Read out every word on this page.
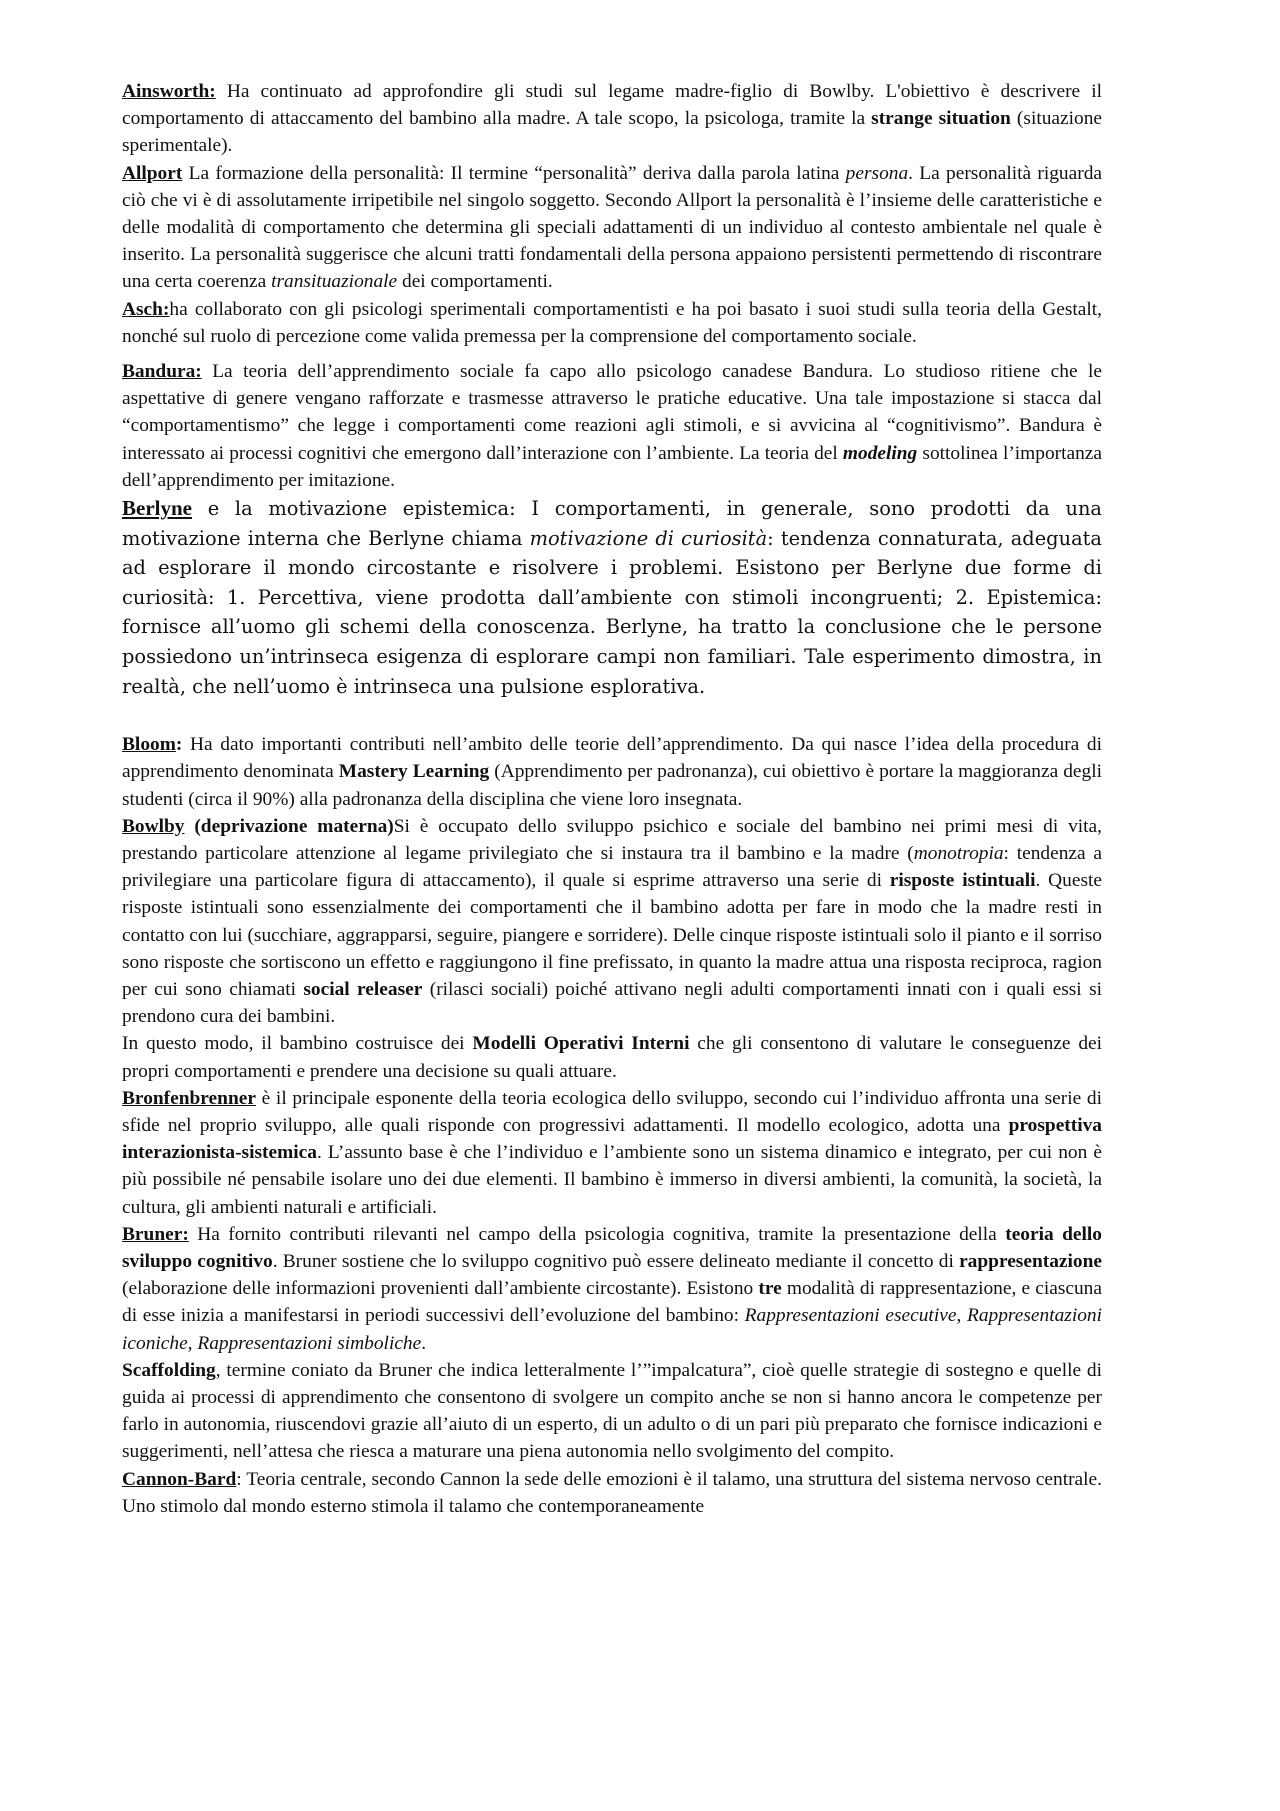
Ainsworth: Ha continuato ad approfondire gli studi sul legame madre-figlio di Bowlby. L'obiettivo è descrivere il comportamento di attaccamento del bambino alla madre. A tale scopo, la psicologa, tramite la strange situation (situazione sperimentale).

Allport La formazione della personalità: Il termine “personalità” deriva dalla parola latina persona. La personalità riguarda ciò che vi è di assolutamente irripetibile nel singolo soggetto. Secondo Allport la personalità è l’insieme delle caratteristiche e delle modalità di comportamento che determina gli speciali adattamenti di un individuo al contesto ambientale nel quale è inserito. La personalità suggerisce che alcuni tratti fondamentali della persona appaiono persistenti permettendo di riscontrare una certa coerenza transituazionale dei comportamenti.

Asch:ha collaborato con gli psicologi sperimentali comportamentisti e ha poi basato i suoi studi sulla teoria della Gestalt, nonché sul ruolo di percezione come valida premessa per la comprensione del comportamento sociale.

Bandura: La teoria dell’apprendimento sociale fa capo allo psicologo canadese Bandura. Lo studioso ritiene che le aspettative di genere vengano rafforzate e trasmesse attraverso le pratiche educative. Una tale impostazione si stacca dal “comportamentismo” che legge i comportamenti come reazioni agli stimoli, e si avvicina al “cognitivismo”. Bandura è interessato ai processi cognitivi che emergono dall’interazione con l’ambiente. La teoria del modeling sottolinea l’importanza dell’apprendimento per imitazione.

Berlyne e la motivazione epistemica: I comportamenti, in generale, sono prodotti da una motivazione interna che Berlyne chiama motivazione di curiosità: tendenza connaturata, adeguata ad esplorare il mondo circostante e risolvere i problemi. Esistono per Berlyne due forme di curiosità: 1. Percettiva, viene prodotta dall’ambiente con stimoli incongruenti; 2. Epistemica: fornisce all’uomo gli schemi della conoscenza. Berlyne, ha tratto la conclusione che le persone possiedono un’intrinseca esigenza di esplorare campi non familiari. Tale esperimento dimostra, in realtà, che nell’uomo è intrinseca una pulsione esplorativa.

Bloom: Ha dato importanti contributi nell’ambito delle teorie dell’apprendimento. Da qui nasce l’idea della procedura di apprendimento denominata Mastery Learning (Apprendimento per padronanza), cui obiettivo è portare la maggioranza degli studenti (circa il 90%) alla padronanza della disciplina che viene loro insegnata.

Bowlby (deprivazione materna)Si è occupato dello sviluppo psichico e sociale del bambino nei primi mesi di vita, prestando particolare attenzione al legame privilegiato che si instaura tra il bambino e la madre (monotropia: tendenza a privilegiare una particolare figura di attaccamento), il quale si esprime attraverso una serie di risposte istintuali. Queste risposte istintuali sono essenzialmente dei comportamenti che il bambino adotta per fare in modo che la madre resti in contatto con lui (succhiare, aggrapparsi, seguire, piangere e sorridere). Delle cinque risposte istintuali solo il pianto e il sorriso sono risposte che sortiscono un effetto e raggiungono il fine prefissato, in quanto la madre attua una risposta reciproca, ragion per cui sono chiamati social releaser (rilasci sociali) poiché attivano negli adulti comportamenti innati con i quali essi si prendono cura dei bambini.

In questo modo, il bambino costruisce dei Modelli Operativi Interni che gli consentono di valutare le conseguenze dei propri comportamenti e prendere una decisione su quali attuare.

Bronfenbrenner è il principale esponente della teoria ecologica dello sviluppo, secondo cui l’individuo affronta una serie di sfide nel proprio sviluppo, alle quali risponde con progressivi adattamenti. Il modello ecologico, adotta una prospettiva interazionista-sistemica. L’assunto base è che l’individuo e l’ambiente sono un sistema dinamico e integrato, per cui non è più possibile né pensabile isolare uno dei due elementi. Il bambino è immerso in diversi ambienti, la comunità, la società, la cultura, gli ambienti naturali e artificiali.

Bruner: Ha fornito contributi rilevanti nel campo della psicologia cognitiva, tramite la presentazione della teoria dello sviluppo cognitivo. Bruner sostiene che lo sviluppo cognitivo può essere delineato mediante il concetto di rappresentazione (elaborazione delle informazioni provenienti dall’ambiente circostante). Esistono tre modalità di rappresentazione, e ciascuna di esse inizia a manifestarsi in periodi successivi dell’evoluzione del bambino: Rappresentazioni esecutive, Rappresentazioni iconiche, Rappresentazioni simboliche.

Scaffolding, termine coniato da Bruner che indica letteralmente l’”impalcatura”, cioè quelle strategie di sostegno e quelle di guida ai processi di apprendimento che consentono di svolgere un compito anche se non si hanno ancora le competenze per farlo in autonomia, riuscendovi grazie all’aiuto di un esperto, di un adulto o di un pari più preparato che fornisce indicazioni e suggerimenti, nell’attesa che riesca a maturare una piena autonomia nello svolgimento del compito.

Cannon-Bard: Teoria centrale, secondo Cannon la sede delle emozioni è il talamo, una struttura del sistema nervoso centrale. Uno stimolo dal mondo esterno stimola il talamo che contemporaneamente
